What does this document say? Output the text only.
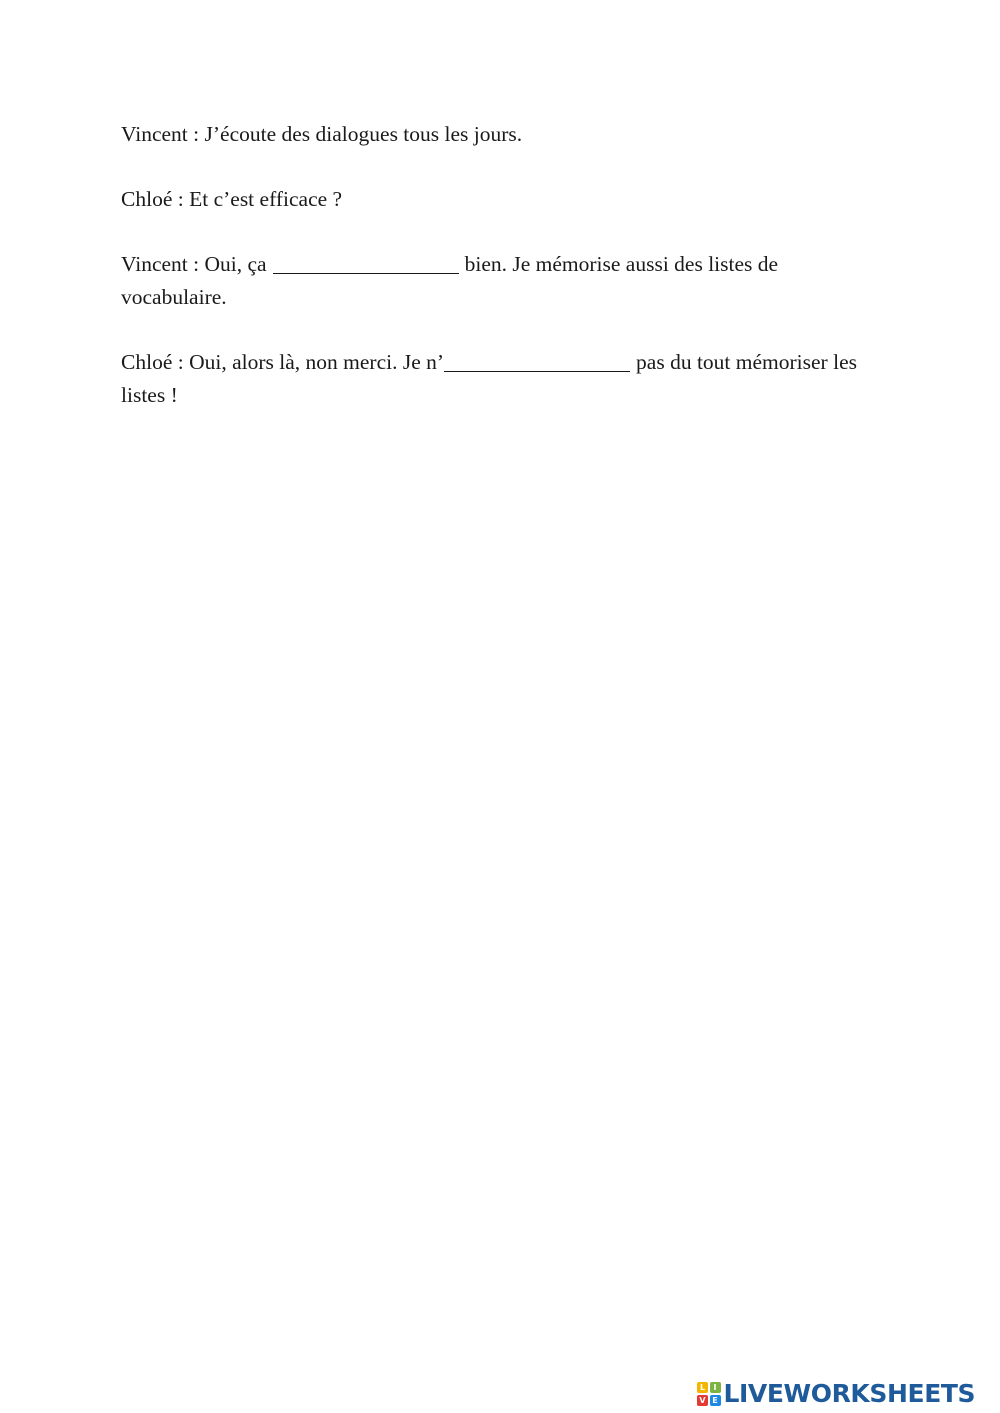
Vincent : J’écoute des dialogues tous les jours.

Chloé : Et c’est efficace ?

Vincent : Oui, ça	bien. Je mémorise aussi des listes de vocabulaire.

Chloé : Oui, alors là, non merci. Je n’	pas du tout mémoriser les listes !

L	I
V E LIVEWORKSHEETS
